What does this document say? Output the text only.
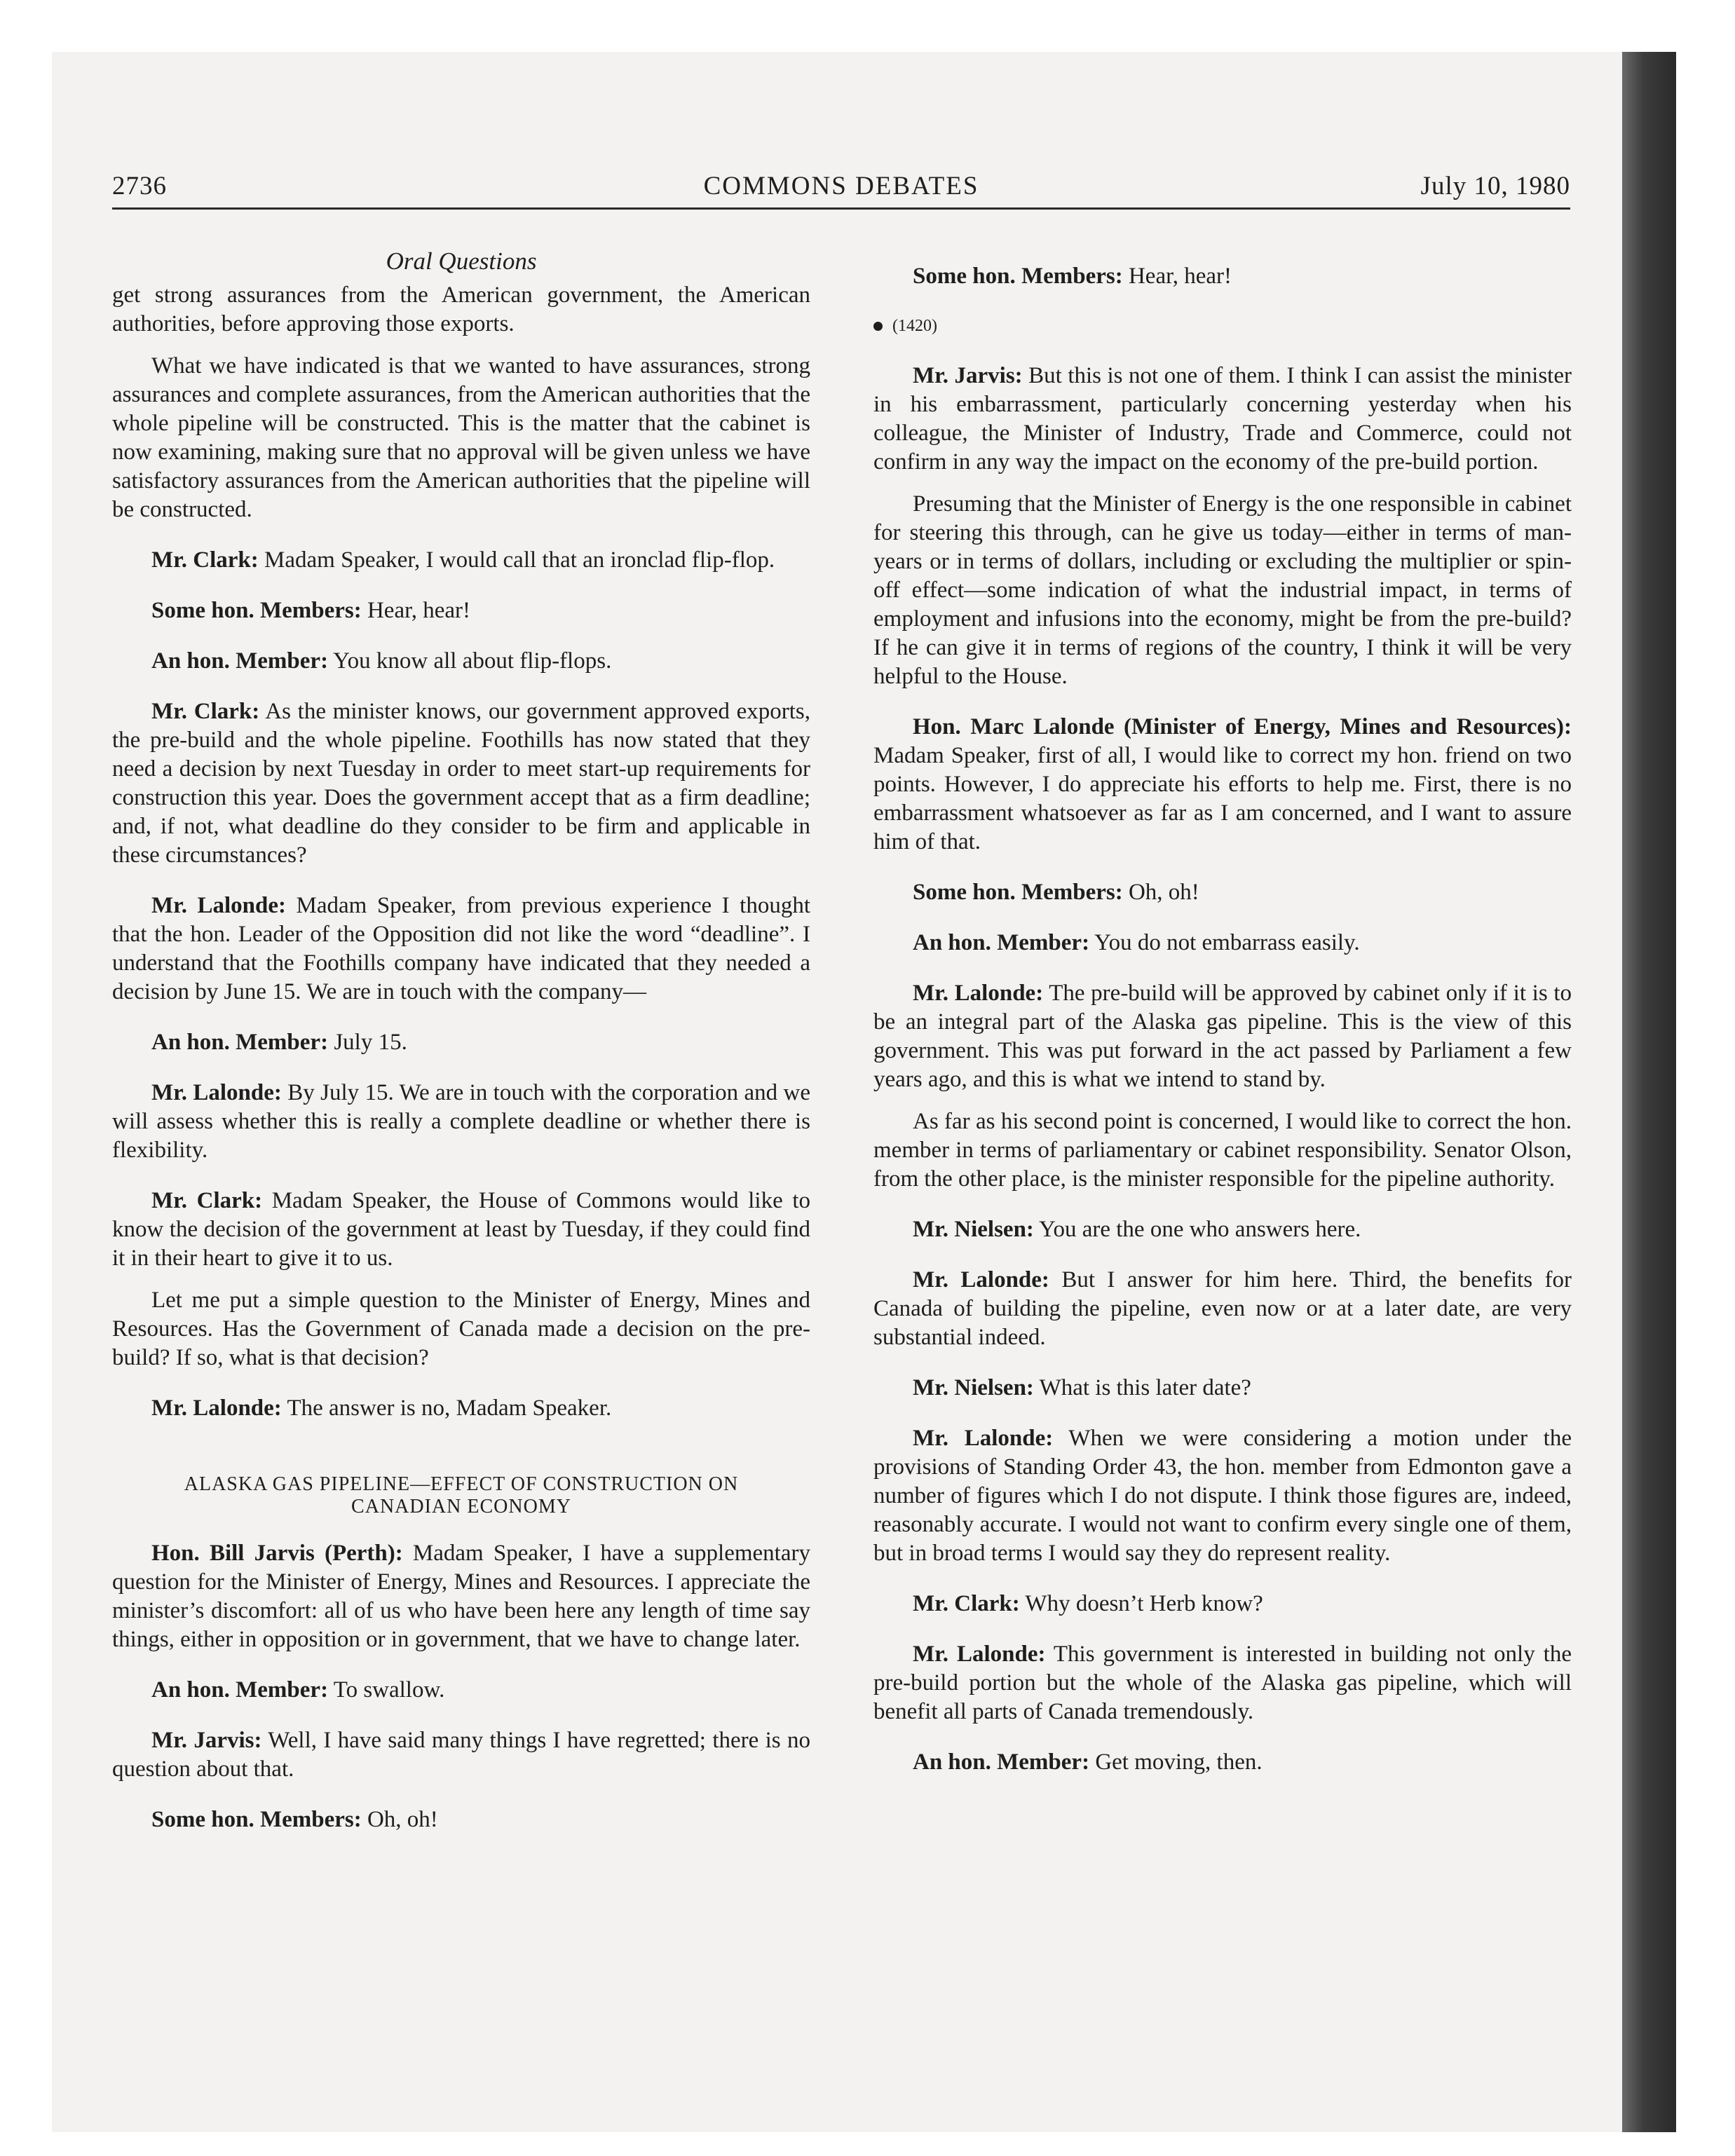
2736	COMMONS DEBATES	July 10, 1980
Oral Questions

get strong assurances from the American government, the American authorities, before approving those exports.

What we have indicated is that we wanted to have assurances, strong assurances and complete assurances, from the American authorities that the whole pipeline will be constructed. This is the matter that the cabinet is now examining, making sure that no approval will be given unless we have satisfactory assurances from the American authorities that the pipeline will be constructed.

Mr. Clark: Madam Speaker, I would call that an ironclad flip-flop.

Some hon. Members: Hear, hear!

An hon. Member: You know all about flip-flops.

Mr. Clark: As the minister knows, our government approved exports, the pre-build and the whole pipeline. Foothills has now stated that they need a decision by next Tuesday in order to meet start-up requirements for construction this year. Does the government accept that as a firm deadline; and, if not, what deadline do they consider to be firm and applicable in these circumstances?

Mr. Lalonde: Madam Speaker, from previous experience I thought that the hon. Leader of the Opposition did not like the word “deadline”. I understand that the Foothills company have indicated that they needed a decision by June 15. We are in touch with the company—

An hon. Member: July 15.

Mr. Lalonde: By July 15. We are in touch with the corporation and we will assess whether this is really a complete deadline or whether there is flexibility.

Mr. Clark: Madam Speaker, the House of Commons would like to know the decision of the government at least by Tuesday, if they could find it in their heart to give it to us.

Let me put a simple question to the Minister of Energy, Mines and Resources. Has the Government of Canada made a decision on the pre-build? If so, what is that decision?

Mr. Lalonde: The answer is no, Madam Speaker.

ALASKA GAS PIPELINE—EFFECT OF CONSTRUCTION ON
CANADIAN ECONOMY

Hon. Bill Jarvis (Perth): Madam Speaker, I have a supplementary question for the Minister of Energy, Mines and Resources. I appreciate the minister’s discomfort: all of us who have been here any length of time say things, either in opposition or in government, that we have to change later.

An hon. Member: To swallow.

Mr. Jarvis: Well, I have said many things I have regretted; there is no question about that.

Some hon. Members: Oh, oh!

Some hon. Members: Hear, hear!

(1420)

Mr. Jarvis: But this is not one of them. I think I can assist the minister in his embarrassment, particularly concerning yesterday when his colleague, the Minister of Industry, Trade and Commerce, could not confirm in any way the impact on the economy of the pre-build portion.

Presuming that the Minister of Energy is the one responsible in cabinet for steering this through, can he give us today—either in terms of man-years or in terms of dollars, including or excluding the multiplier or spin-off effect—some indication of what the industrial impact, in terms of employment and infusions into the economy, might be from the pre-build? If he can give it in terms of regions of the country, I think it will be very helpful to the House.

Hon. Marc Lalonde (Minister of Energy, Mines and Resources): Madam Speaker, first of all, I would like to correct my hon. friend on two points. However, I do appreciate his efforts to help me. First, there is no embarrassment whatsoever as far as I am concerned, and I want to assure him of that.

Some hon. Members: Oh, oh!

An hon. Member: You do not embarrass easily.

Mr. Lalonde: The pre-build will be approved by cabinet only if it is to be an integral part of the Alaska gas pipeline. This is the view of this government. This was put forward in the act passed by Parliament a few years ago, and this is what we intend to stand by.

As far as his second point is concerned, I would like to correct the hon. member in terms of parliamentary or cabinet responsibility. Senator Olson, from the other place, is the minister responsible for the pipeline authority.

Mr. Nielsen: You are the one who answers here.

Mr. Lalonde: But I answer for him here. Third, the benefits for Canada of building the pipeline, even now or at a later date, are very substantial indeed.

Mr. Nielsen: What is this later date?

Mr. Lalonde: When we were considering a motion under the provisions of Standing Order 43, the hon. member from Edmonton gave a number of figures which I do not dispute. I think those figures are, indeed, reasonably accurate. I would not want to confirm every single one of them, but in broad terms I would say they do represent reality.

Mr. Clark: Why doesn’t Herb know?

Mr. Lalonde: This government is interested in building not only the pre-build portion but the whole of the Alaska gas pipeline, which will benefit all parts of Canada tremendously.

An hon. Member: Get moving, then.
